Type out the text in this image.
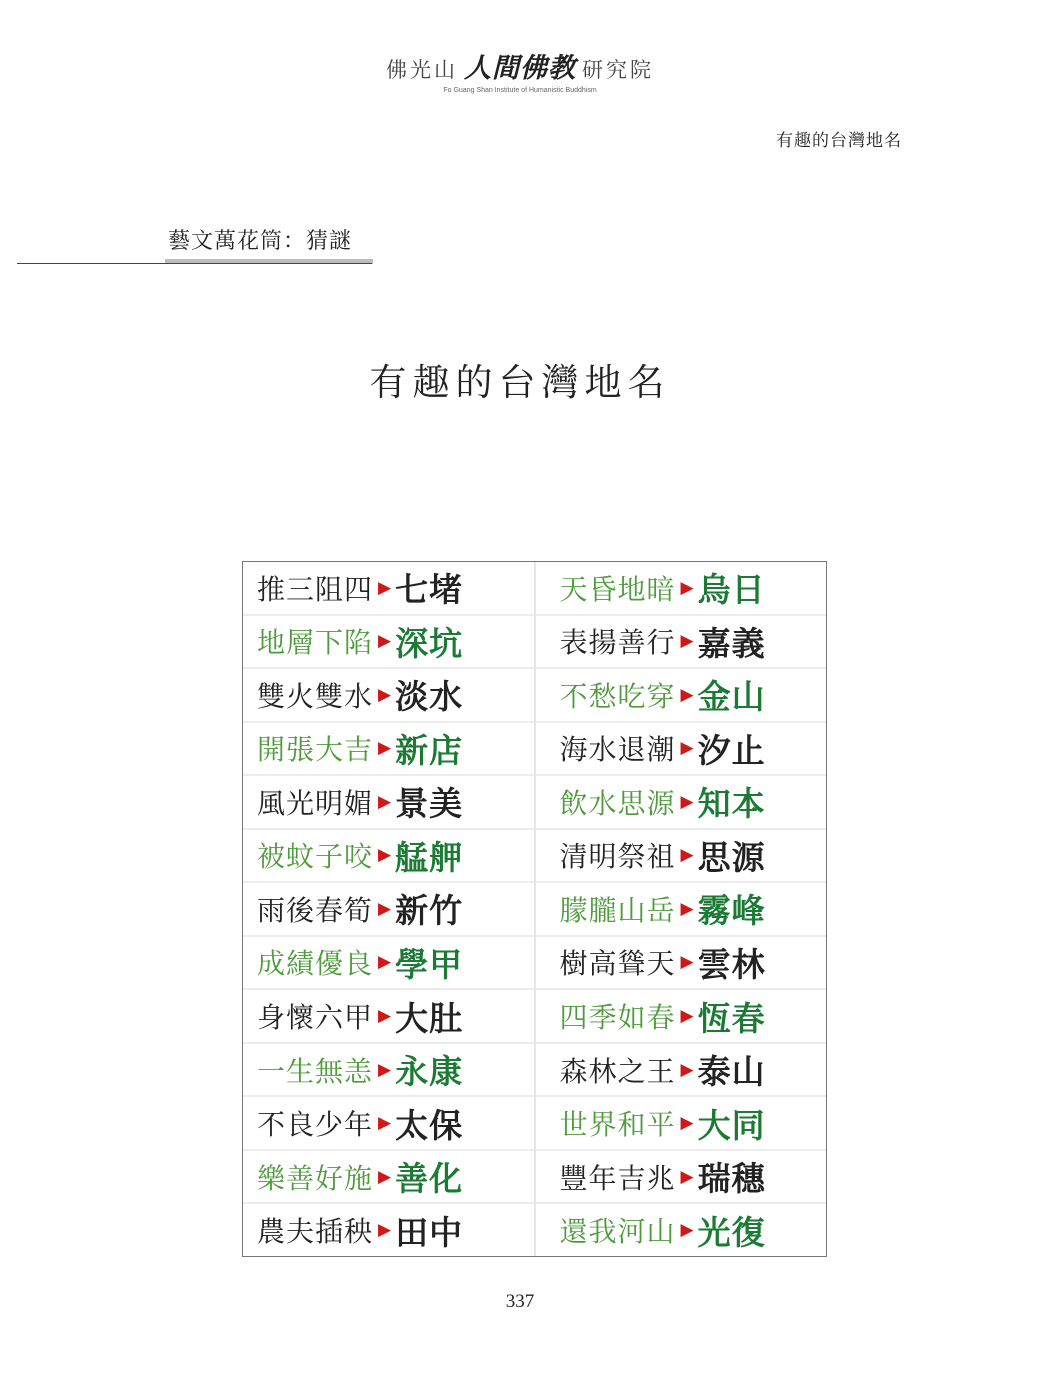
佛光山 人間佛教 研究院
Fo Guang Shan Institute of Humanistic Buddhism
有趣的台灣地名
藝文萬花筒：猜謎
有趣的台灣地名
推三阻四 ▶ 七堵
地層下陷 ▶ 深坑
雙火雙水 ▶ 淡水
開張大吉 ▶ 新店
風光明媚 ▶ 景美
被蚊子咬 ▶ 艋舺
雨後春筍 ▶ 新竹
成績優良 ▶ 學甲
身懷六甲 ▶ 大肚
一生無恙 ▶ 永康
不良少年 ▶ 太保
樂善好施 ▶ 善化
農夫插秧 ▶ 田中
天昏地暗 ▶ 烏日
表揚善行 ▶ 嘉義
不愁吃穿 ▶ 金山
海水退潮 ▶ 汐止
飲水思源 ▶ 知本
清明祭祖 ▶ 思源
朦朧山岳 ▶ 霧峰
樹高聳天 ▶ 雲林
四季如春 ▶ 恆春
森林之王 ▶ 泰山
世界和平 ▶ 大同
豐年吉兆 ▶ 瑞穗
還我河山 ▶ 光復
337
